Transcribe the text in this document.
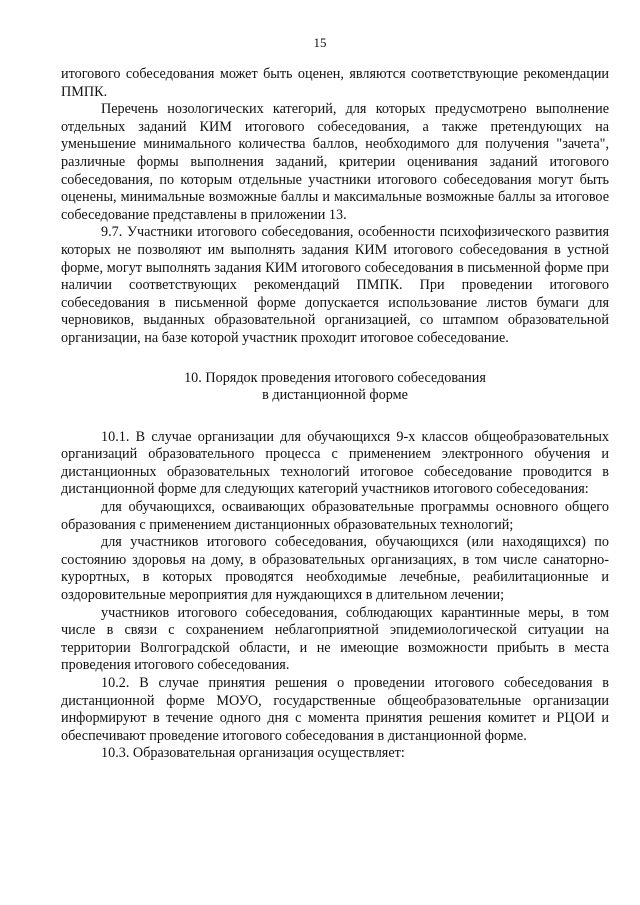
15

итогового собеседования может быть оценен, являются соответствующие рекомендации ПМПК.

Перечень нозологических категорий, для которых предусмотрено выполнение отдельных заданий КИМ итогового собеседования, а также претендующих на уменьшение минимального количества баллов, необходимого для получения "зачета", различные формы выполнения заданий, критерии оценивания заданий итогового собеседования, по которым отдельные участники итогового собеседования могут быть оценены, минимальные возможные баллы и максимальные возможные баллы за итоговое собеседование представлены в приложении 13.

9.7. Участники итогового собеседования, особенности психофизического развития которых не позволяют им выполнять задания КИМ итогового собеседования в устной форме, могут выполнять задания КИМ итогового собеседования в письменной форме при наличии соответствующих рекомендаций ПМПК. При проведении итогового собеседования в письменной форме допускается использование листов бумаги для черновиков, выданных образовательной организацией, со штампом образовательной организации, на базе которой участник проходит итоговое собеседование.

10. Порядок проведения итогового собеседования
в дистанционной форме

10.1. В случае организации для обучающихся 9-х классов общеобразовательных организаций образовательного процесса с применением электронного обучения и дистанционных образовательных технологий итоговое собеседование проводится в дистанционной форме для следующих категорий участников итогового собеседования:

для обучающихся, осваивающих образовательные программы основного общего образования с применением дистанционных образовательных технологий;

для участников итогового собеседования, обучающихся (или находящихся) по состоянию здоровья на дому, в образовательных организациях, в том числе санаторно-курортных, в которых проводятся необходимые лечебные, реабилитационные и оздоровительные мероприятия для нуждающихся в длительном лечении;

участников итогового собеседования, соблюдающих карантинные меры, в том числе в связи с сохранением неблагоприятной эпидемиологической ситуации на территории Волгоградской области, и не имеющие возможности прибыть в места проведения итогового собеседования.

10.2. В случае принятия решения о проведении итогового собеседования в дистанционной форме МОУО, государственные общеобразовательные организации информируют в течение одного дня с момента принятия решения комитет и РЦОИ и обеспечивают проведение итогового собеседования в дистанционной форме.

10.3. Образовательная организация осуществляет:
